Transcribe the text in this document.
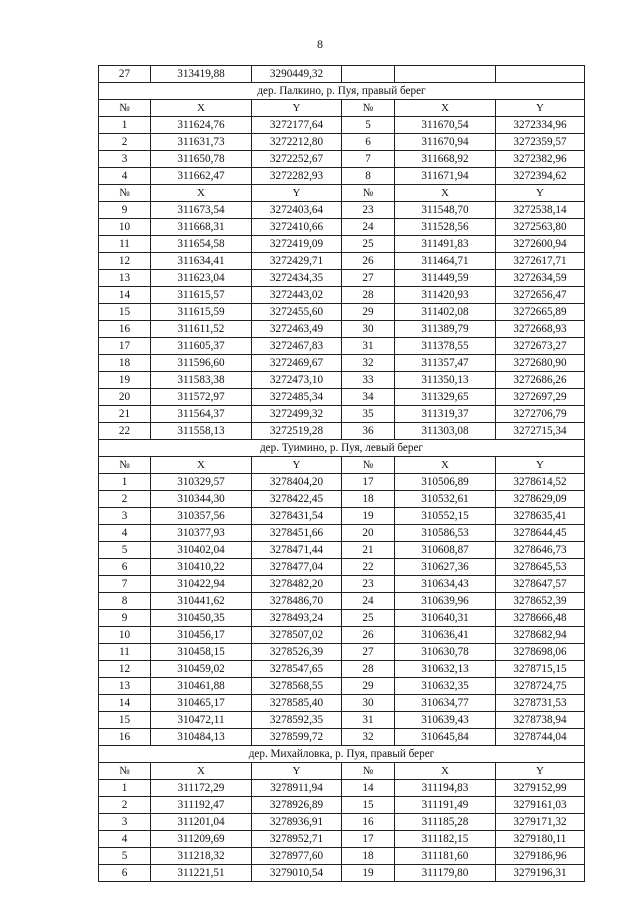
8
27	313419,88	3290449,32			
дер. Палкино, р. Пуя, правый берег					
№	X	Y	№	X	Y
1	311624,76	3272177,64	5	311670,54	3272334,96
2	311631,73	3272212,80	6	311670,94	3272359,57
3	311650,78	3272252,67	7	311668,92	3272382,96
4	311662,47	3272282,93	8	311671,94	3272394,62
№	X	Y	№	X	Y
9	311673,54	3272403,64	23	311548,70	3272538,14
10	311668,31	3272410,66	24	311528,56	3272563,80
11	311654,58	3272419,09	25	311491,83	3272600,94
12	311634,41	3272429,71	26	311464,71	3272617,71
13	311623,04	3272434,35	27	311449,59	3272634,59
14	311615,57	3272443,02	28	311420,93	3272656,47
15	311615,59	3272455,60	29	311402,08	3272665,89
16	311611,52	3272463,49	30	311389,79	3272668,93
17	311605,37	3272467,83	31	311378,55	3272673,27
18	311596,60	3272469,67	32	311357,47	3272680,90
19	311583,38	3272473,10	33	311350,13	3272686,26
20	311572,97	3272485,34	34	311329,65	3272697,29
21	311564,37	3272499,32	35	311319,37	3272706,79
22	311558,13	3272519,28	36	311303,08	3272715,34
дер. Туимино, р. Пуя, левый берег					
№	X	Y	№	X	Y
1	310329,57	3278404,20	17	310506,89	3278614,52
2	310344,30	3278422,45	18	310532,61	3278629,09
3	310357,56	3278431,54	19	310552,15	3278635,41
4	310377,93	3278451,66	20	310586,53	3278644,45
5	310402,04	3278471,44	21	310608,87	3278646,73
6	310410,22	3278477,04	22	310627,36	3278645,53
7	310422,94	3278482,20	23	310634,43	3278647,57
8	310441,62	3278486,70	24	310639,96	3278652,39
9	310450,35	3278493,24	25	310640,31	3278666,48
10	310456,17	3278507,02	26	310636,41	3278682,94
11	310458,15	3278526,39	27	310630,78	3278698,06
12	310459,02	3278547,65	28	310632,13	3278715,15
13	310461,88	3278568,55	29	310632,35	3278724,75
14	310465,17	3278585,40	30	310634,77	3278731,53
15	310472,11	3278592,35	31	310639,43	3278738,94
16	310484,13	3278599,72	32	310645,84	3278744,04
дер. Михайловка, р. Пуя, правый берег					
№	X	Y	№	X	Y
1	311172,29	3278911,94	14	311194,83	3279152,99
2	311192,47	3278926,89	15	311191,49	3279161,03
3	311201,04	3278936,91	16	311185,28	3279171,32
4	311209,69	3278952,71	17	311182,15	3279180,11
5	311218,32	3278977,60	18	311181,60	3279186,96
6	311221,51	3279010,54	19	311179,80	3279196,31
